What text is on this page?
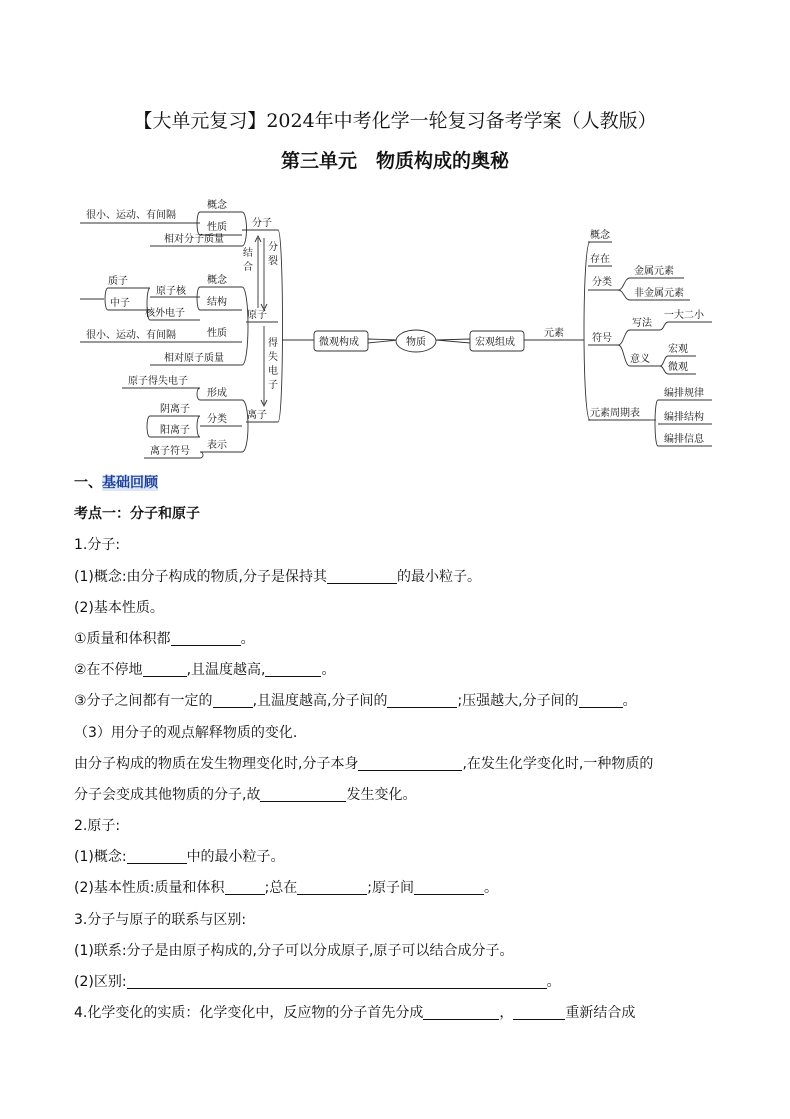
【大单元复习】2024年中考化学一轮复习备考学案（人教版）
第三单元　物质构成的奥秘
很小、运动、有间隔
概念
性质
相对分子质量
分子
结
合
分
裂
得
失
电
子
质子
中子
原子核
核外电子
概念
结构
很小、运动、有间隔	性质
相对原子质量
原子
原子得失电子
形成
阴离子
阳离子
分类
离子符号
表示
离子
微观构成	物质	宏观组成
元素
概念
存在
分类
金属元素
非金属元素
符号
写法
意义
一大二小
宏观
微观
元素周期表
编排规律
编排结构
编排信息
一、基础回顾
考点一：分子和原子
1.分子:
(1)概念:由分子构成的物质,分子是保持其	的最小粒子。
(2)基本性质。
①质量和体积都	。
②在不停地	,且温度越高,	。
③分子之间都有一定的	,且温度越高,分子间的	;压强越大,分子间的	。
（3）用分子的观点解释物质的变化.
由分子构成的物质在发生物理变化时,分子本身	,在发生化学变化时,一种物质的
分子会变成其他物质的分子,故	发生变化。
2.原子:
(1)概念:	中的最小粒子。
(2)基本性质:质量和体积	;总在	;原子间	。
3.分子与原子的联系与区别:
(1)联系:分子是由原子构成的,分子可以分成原子,原子可以结合成分子。
(2)区别:	。
4.化学变化的实质：化学变化中，反应物的分子首先分成	，	重新结合成
